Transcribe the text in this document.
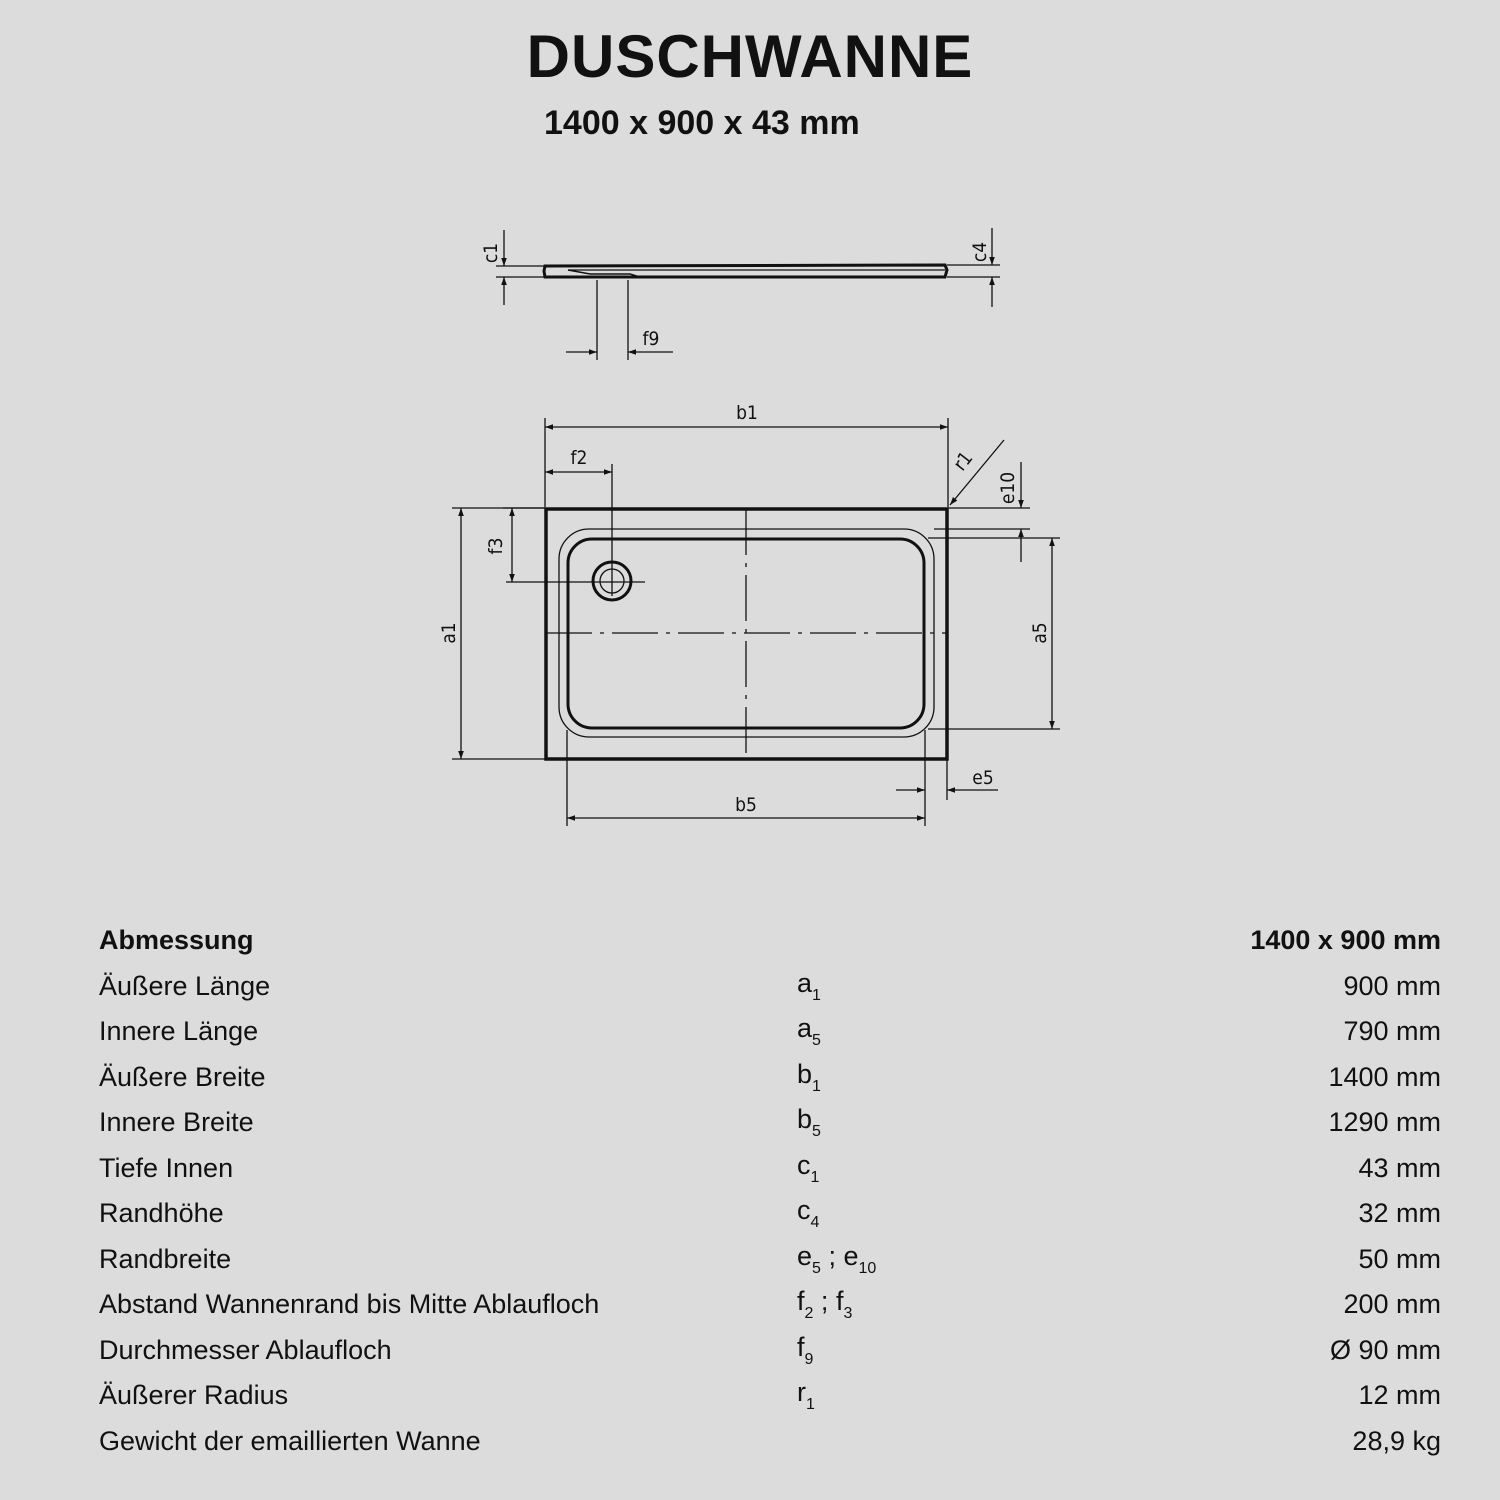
DUSCHWANNE
1400 x 900 x 43 mm
c1	c4
f9
b1
f2	r1
e10
f3
a1	a5
e5
b5
Abmessung		1400 x 900 mm
Äußere Länge	$a_1$	900 mm
Innere Länge	$a_5$	790 mm
Äußere Breite	$b_1$	1400 mm
Innere Breite	$b_5$	1290 mm
Tiefe Innen	$c_1$	43 mm
Randhöhe	$c_4$	32 mm
Randbreite	$e_5$ ; $e_{10}$	50 mm
Abstand Wannenrand bis Mitte Ablaufloch	$f_2$ ; $f_3$	200 mm
Durchmesser Ablaufloch	$f_9$	Ø 90 mm
Äußerer Radius	$r_1$	12 mm
Gewicht der emaillierten Wanne		28,9 kg
